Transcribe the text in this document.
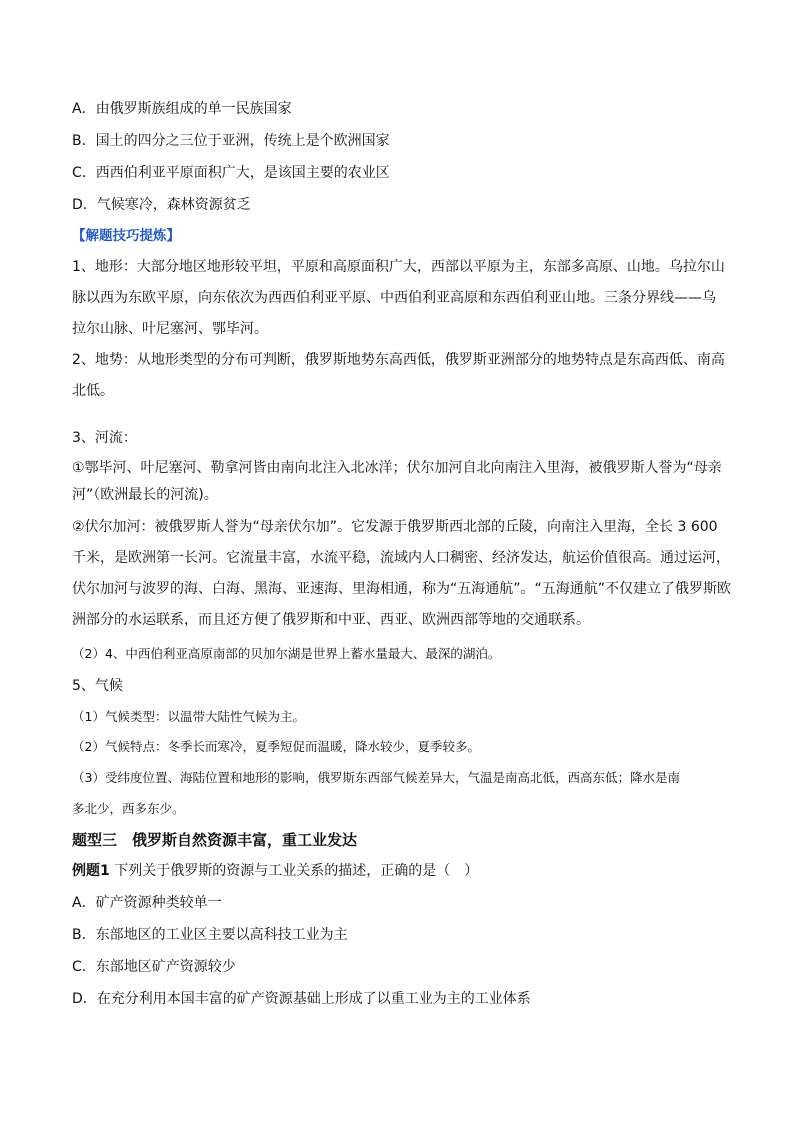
A．由俄罗斯族组成的单一民族国家
B．国土的四分之三位于亚洲，传统上是个欧洲国家
C．西西伯利亚平原面积广大，是该国主要的农业区
D．气候寒冷，森林资源贫乏
【解题技巧提炼】
1、地形：大部分地区地形较平坦，平原和高原面积广大，西部以平原为主，东部多高原、山地。乌拉尔山
脉以西为东欧平原，向东依次为西西伯利亚平原、中西伯利亚高原和东西伯利亚山地。三条分界线——乌
拉尔山脉、叶尼塞河、鄂毕河。
2、地势：从地形类型的分布可判断，俄罗斯地势东高西低，俄罗斯亚洲部分的地势特点是东高西低、南高
北低。
3、河流：
①鄂毕河、叶尼塞河、勒拿河皆由南向北注入北冰洋；伏尔加河自北向南注入里海，被俄罗斯人誉为“母亲
河”（欧洲最长的河流)。
②伏尔加河：被俄罗斯人誉为“母亲伏尔加”。它发源于俄罗斯西北部的丘陵，向南注入里海，全长 3 600
千米，是欧洲第一长河。它流量丰富，水流平稳，流域内人口稠密、经济发达，航运价值很高。通过运河，
伏尔加河与波罗的海、白海、黑海、亚速海、里海相通，称为“五海通航”。“五海通航”不仅建立了俄罗斯欧
洲部分的水运联系，而且还方便了俄罗斯和中亚、西亚、欧洲西部等地的交通联系。
（2）4、中西伯利亚高原南部的贝加尔湖是世界上蓄水量最大、最深的湖泊。
5、气候
（1）气候类型：以温带大陆性气候为主。
（2）气候特点：冬季长而寒冷，夏季短促而温暖，降水较少，夏季较多。
（3）受纬度位置、海陆位置和地形的影响，俄罗斯东西部气候差异大，气温是南高北低，西高东低；降水是南
多北少，西多东少。
题型三　俄罗斯自然资源丰富，重工业发达
例题1 下列关于俄罗斯的资源与工业关系的描述，正确的是（　）
A．矿产资源种类较单一
B．东部地区的工业区主要以高科技工业为主
C．东部地区矿产资源较少
D．在充分利用本国丰富的矿产资源基础上形成了以重工业为主的工业体系
